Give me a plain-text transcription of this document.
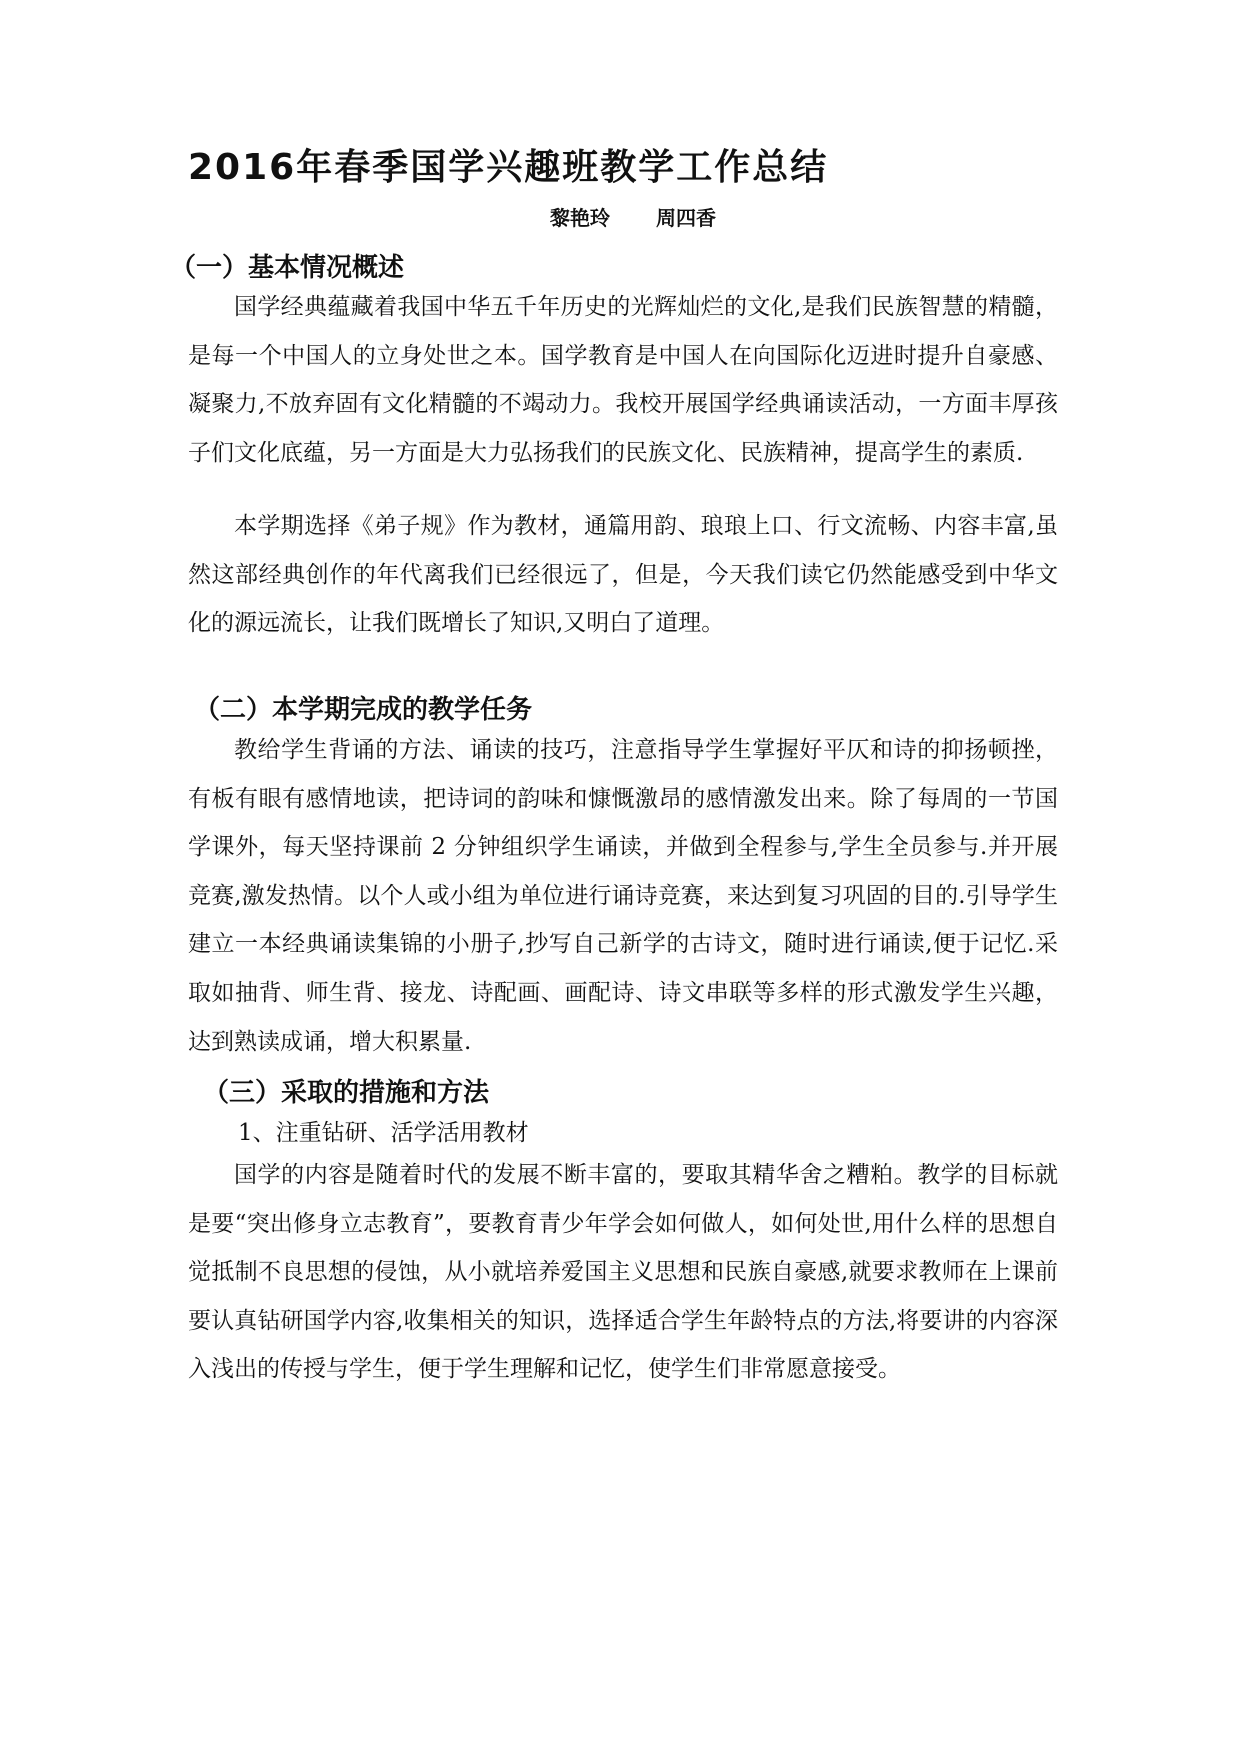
2016年春季国学兴趣班教学工作总结
黎艳玲 周四香
（一）基本情况概述

国学经典蕴藏着我国中华五千年历史的光辉灿烂的文化,是我们民族智慧的精髓，是每一个中国人的立身处世之本。国学教育是中国人在向国际化迈进时提升自豪感、凝聚力,不放弃固有文化精髓的不竭动力。我校开展国学经典诵读活动，一方面丰厚孩子们文化底蕴，另一方面是大力弘扬我们的民族文化、民族精神，提高学生的素质.

本学期选择《弟子规》作为教材，通篇用韵、琅琅上口、行文流畅、内容丰富,虽然这部经典创作的年代离我们已经很远了，但是，今天我们读它仍然能感受到中华文化的源远流长，让我们既增长了知识,又明白了道理。

（二）本学期完成的教学任务

教给学生背诵的方法、诵读的技巧，注意指导学生掌握好平仄和诗的抑扬顿挫，有板有眼有感情地读，把诗词的韵味和慷慨激昂的感情激发出来。除了每周的一节国学课外，每天坚持课前 2 分钟组织学生诵读，并做到全程参与,学生全员参与.并开展竞赛,激发热情。以个人或小组为单位进行诵诗竞赛，来达到复习巩固的目的.引导学生建立一本经典诵读集锦的小册子,抄写自己新学的古诗文，随时进行诵读,便于记忆.采取如抽背、师生背、接龙、诗配画、画配诗、诗文串联等多样的形式激发学生兴趣，达到熟读成诵，增大积累量.

（三）采取的措施和方法

1、注重钻研、活学活用教材

国学的内容是随着时代的发展不断丰富的，要取其精华舍之糟粕。教学的目标就是要“突出修身立志教育”，要教育青少年学会如何做人，如何处世,用什么样的思想自觉抵制不良思想的侵蚀，从小就培养爱国主义思想和民族自豪感,就要求教师在上课前要认真钻研国学内容,收集相关的知识，选择适合学生年龄特点的方法,将要讲的内容深入浅出的传授与学生，便于学生理解和记忆，使学生们非常愿意接受。
